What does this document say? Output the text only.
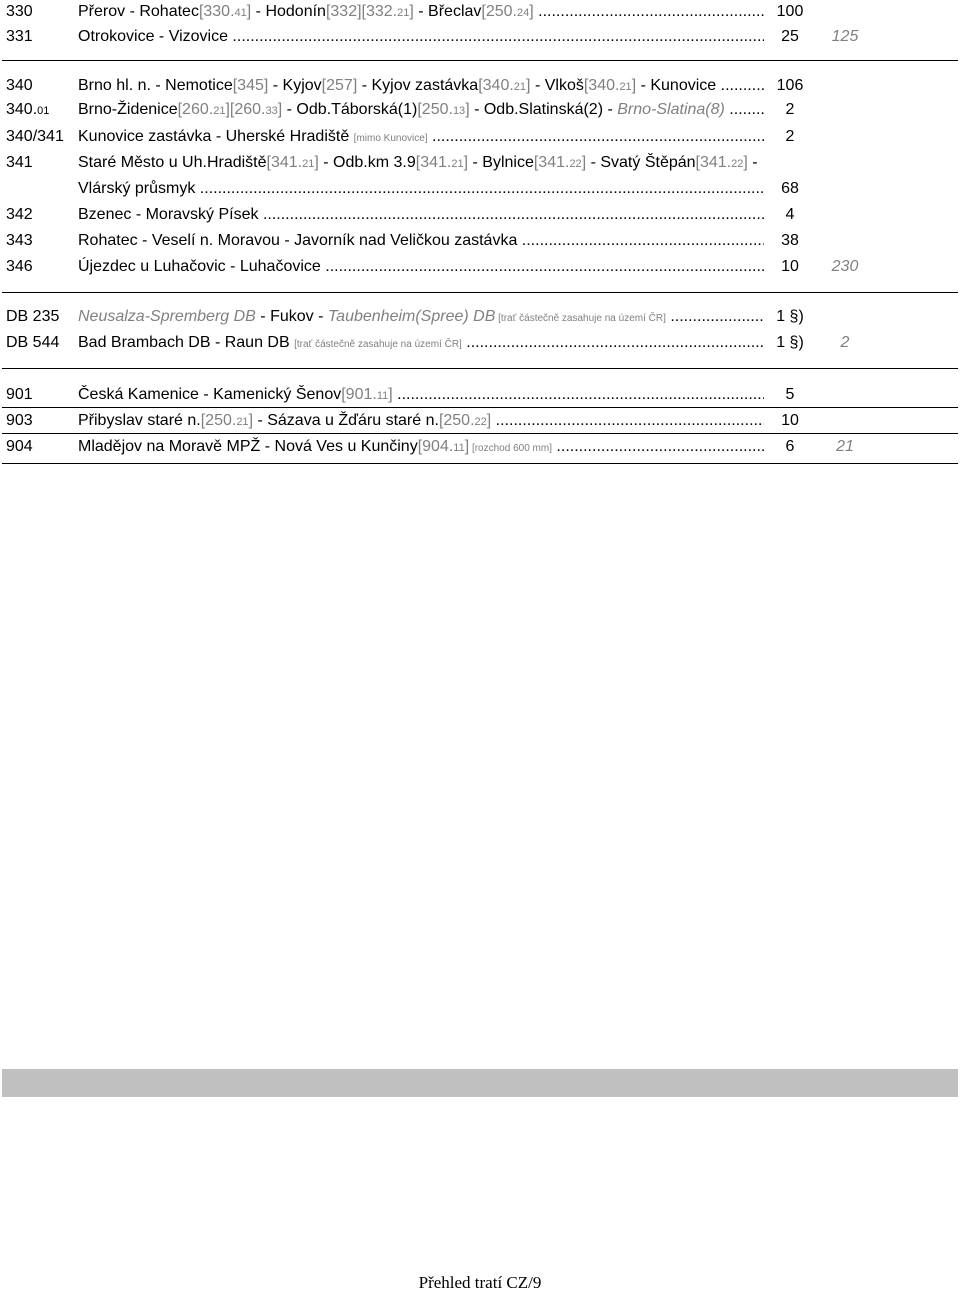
330	Přerov - Rohatec[330.41] - Hodonín[332][332.21] - Břeclav[250.24] .....	100
331	Otrokovice - Vizovice .....	25	125
340	Brno hl. n. - Nemotice[345] - Kyjov[257] - Kyjov zastávka[340.21] - Vlkoš[340.21] - Kunovice .....	106
340.01 Brno-Židenice[260.21][260.33] - Odb.Táborská(1)[250.13] - Odb.Slatinská(2) - Brno-Slatina(8) .....	2
340/341 Kunovice zastávka - Uherské Hradiště [mimo Kunovice] .....	2
341	Staré Město u Uh.Hradiště[341.21] - Odb.km 3.9[341.21] - Bylnice[341.22] - Svatý Štěpán[341.22] -
Vlárský průsmyk .....	68
342	Bzenec - Moravský Písek .....	4
343	Rohatec - Veselí n. Moravou - Javorník nad Veličkou zastávka .....	38
346	Újezdec u Luhačovic - Luhačovice .....	10	230
DB 235 Neusalza-Spremberg DB - Fukov - Taubenheim(Spree) DB [trať částečně zasahuje na území ČR] .....	1 §)
DB 544 Bad Brambach DB - Raun DB [trať částečně zasahuje na území ČR] .....	1 §)	2
901	Česká Kamenice - Kamenický Šenov[901.11] .....	5
903	Přibyslav staré n.[250.21] - Sázava u Žďáru staré n.[250.22] .....	10
904	Mladějov na Moravě MPŽ - Nová Ves u Kunčiny[904.11] [rozchod 600 mm] .....	6	21
Přehled tratí CZ/9
